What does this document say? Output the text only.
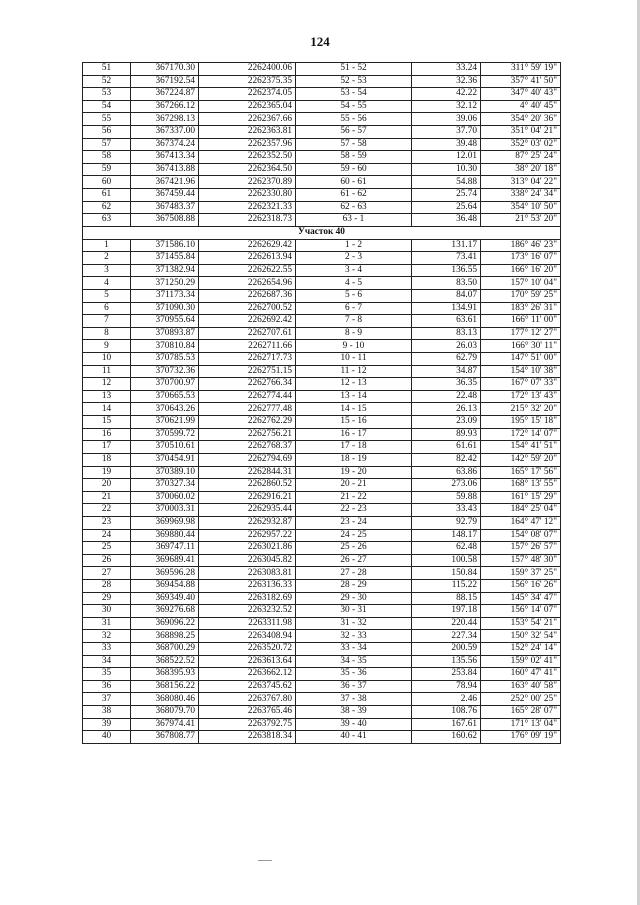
124
51	367170.30	2262400.06	51 - 52	33.24	311° 59' 19"
52	367192.54	2262375.35	52 - 53	32.36	357° 41' 50"
53	367224.87	2262374.05	53 - 54	42.22	347° 40' 43"
54	367266.12	2262365.04	54 - 55	32.12	4° 40' 45"
55	367298.13	2262367.66	55 - 56	39.06	354° 20' 36"
56	367337.00	2262363.81	56 - 57	37.70	351° 04' 21"
57	367374.24	2262357.96	57 - 58	39.48	352° 03' 02"
58	367413.34	2262352.50	58 - 59	12.01	87° 25' 24"
59	367413.88	2262364.50	59 - 60	10.30	38° 20' 18"
60	367421.96	2262370.89	60 - 61	54.88	313° 04' 22"
61	367459.44	2262330.80	61 - 62	25.74	338° 24' 34"
62	367483.37	2262321.33	62 - 63	25.64	354° 10' 50"
63	367508.88	2262318.73	63 - 1	36.48	21° 53' 20"
Участок 40					
1	371586.10	2262629.42	1 - 2	131.17	186° 46' 23"
2	371455.84	2262613.94	2 - 3	73.41	173° 16' 07"
3	371382.94	2262622.55	3 - 4	136.55	166° 16' 20"
4	371250.29	2262654.96	4 - 5	83.50	157° 10' 04"
5	371173.34	2262687.36	5 - 6	84.07	170° 59' 25"
6	371090.30	2262700.52	6 - 7	134.91	183° 26' 31"
7	370955.64	2262692.42	7 - 8	63.61	166° 11' 00"
8	370893.87	2262707.61	8 - 9	83.13	177° 12' 27"
9	370810.84	2262711.66	9 - 10	26.03	166° 30' 11"
10	370785.53	2262717.73	10 - 11	62.79	147° 51' 00"
11	370732.36	2262751.15	11 - 12	34.87	154° 10' 38"
12	370700.97	2262766.34	12 - 13	36.35	167° 07' 33"
13	370665.53	2262774.44	13 - 14	22.48	172° 13' 43"
14	370643.26	2262777.48	14 - 15	26.13	215° 32' 20"
15	370621.99	2262762.29	15 - 16	23.09	195° 15' 18"
16	370599.72	2262756.21	16 - 17	89.93	172° 14' 07"
17	370510.61	2262768.37	17 - 18	61.61	154° 41' 51"
18	370454.91	2262794.69	18 - 19	82.42	142° 59' 20"
19	370389.10	2262844.31	19 - 20	63.86	165° 17' 56"
20	370327.34	2262860.52	20 - 21	273.06	168° 13' 55"
21	370060.02	2262916.21	21 - 22	59.88	161° 15' 29"
22	370003.31	2262935.44	22 - 23	33.43	184° 25' 04"
23	369969.98	2262932.87	23 - 24	92.79	164° 47' 12"
24	369880.44	2262957.22	24 - 25	148.17	154° 08' 07"
25	369747.11	2263021.86	25 - 26	62.48	157° 26' 57"
26	369689.41	2263045.82	26 - 27	100.58	157° 48' 30"
27	369596.28	2263083.81	27 - 28	150.84	159° 37' 25"
28	369454.88	2263136.33	28 - 29	115.22	156° 16' 26"
29	369349.40	2263182.69	29 - 30	88.15	145° 34' 47"
30	369276.68	2263232.52	30 - 31	197.18	156° 14' 07"
31	369096.22	2263311.98	31 - 32	220.44	153° 54' 21"
32	368898.25	2263408.94	32 - 33	227.34	150° 32' 54"
33	368700.29	2263520.72	33 - 34	200.59	152° 24' 14"
34	368522.52	2263613.64	34 - 35	135.56	159° 02' 41"
35	368395.93	2263662.12	35 - 36	253.84	160° 47' 41"
36	368156.22	2263745.62	36 - 37	78.94	163° 40' 58"
37	368080.46	2263767.80	37 - 38	2.46	252° 00' 25"
38	368079.70	2263765.46	38 - 39	108.76	165° 28' 07"
39	367974.41	2263792.75	39 - 40	167.61	171° 13' 04"
40	367808.77	2263818.34	40 - 41	160.62	176° 09' 19"
